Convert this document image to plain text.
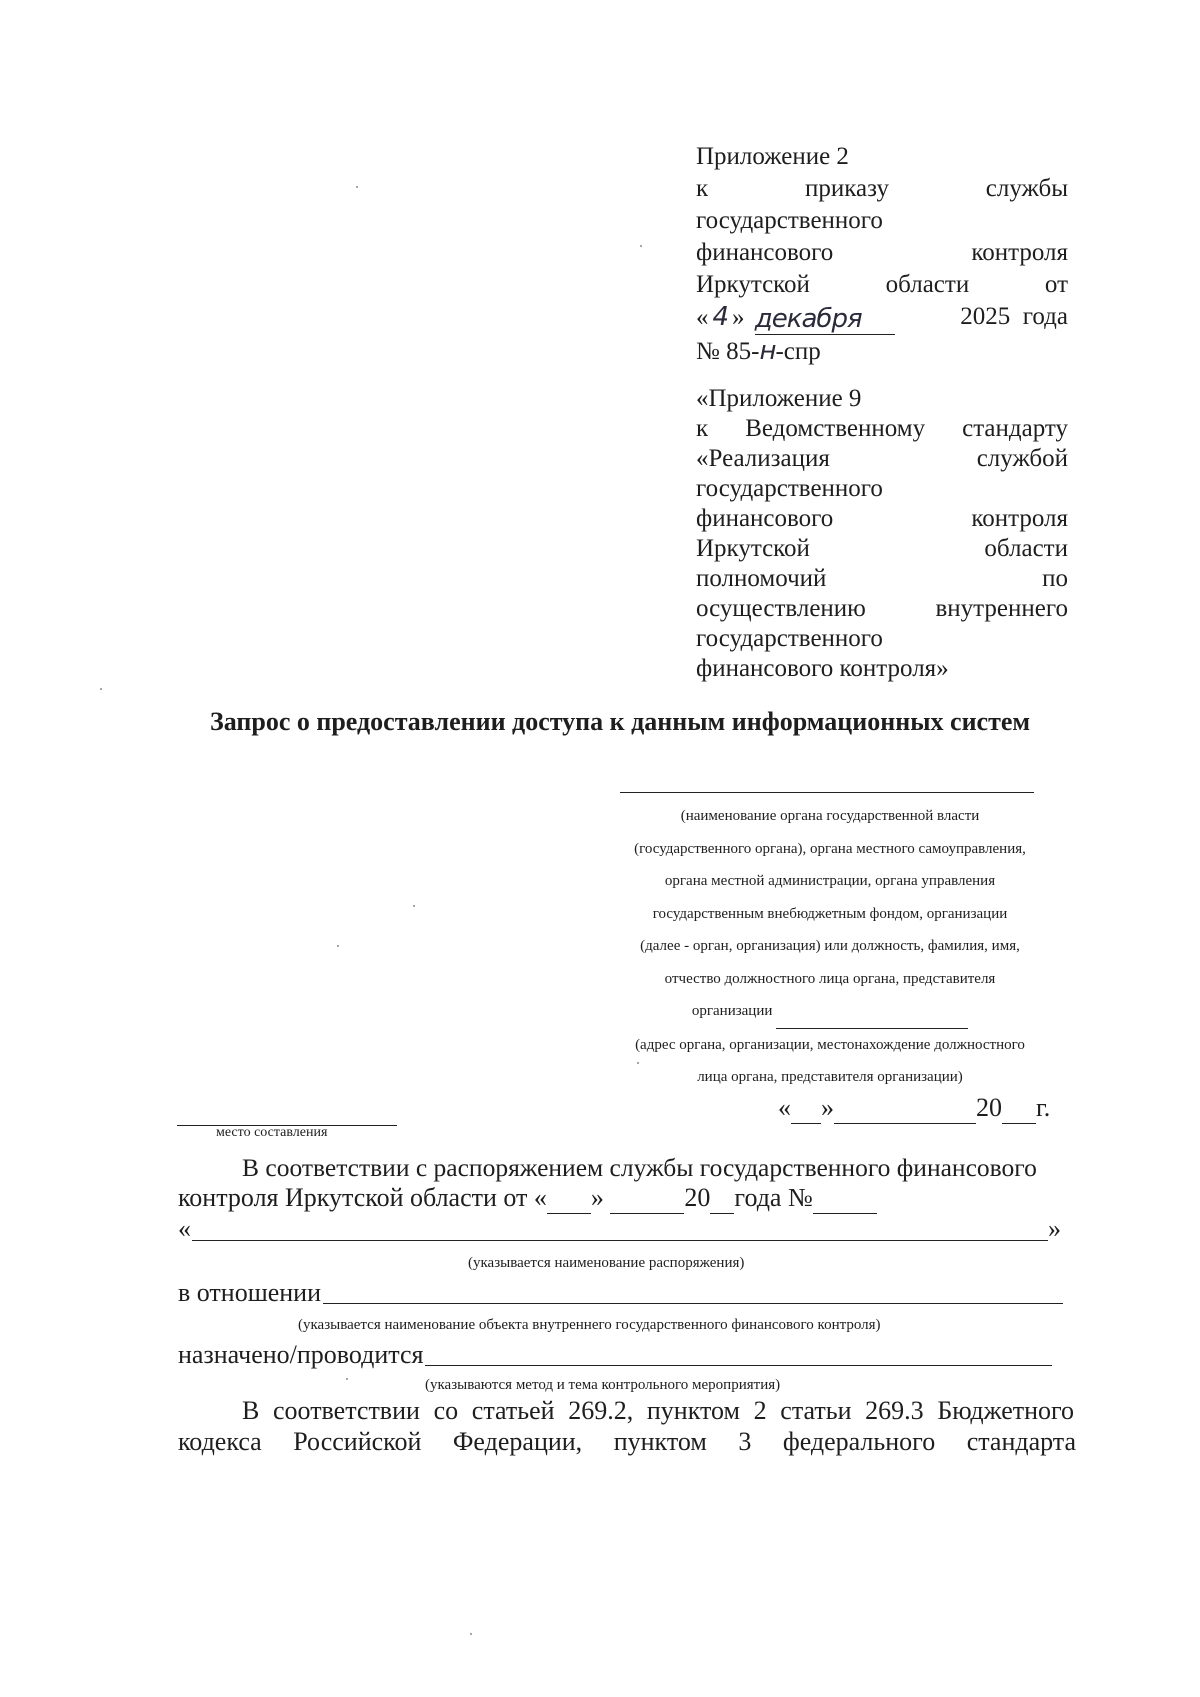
Приложение 2
к	приказу	службы
государственного
финансового	контроля
Иркутской области	от
« 4 » декабря
	2025 года
№ 85-н-спр
«Приложение 9
к Ведомственному стандарту
«Реализация	службой
государственного
финансового	контроля
Иркутской	области
полномочий	по
осуществлению	внутреннего
государственного
финансового контроля»
Запрос о предоставлении доступа к данным информационных систем
(наименование органа государственной власти
(государственного органа), органа местного самоуправления,
органа местной администрации, органа управления
государственным внебюджетным фондом, организации
(далее - орган, организация) или должность, фамилия, имя,
отчество должностного лица органа, представителя
организации
(адрес органа, организации, местонахождение должностного
лица органа, представителя организации)
место составления
« »	20 г.
В соответствии с распоряжением службы государственного финансового
контроля Иркутской области от « »	20 года №
«	»
(указывается наименование распоряжения)
в отношении
(указывается наименование объекта внутреннего государственного финансового контроля)
назначено/проводится
(указываются метод и тема контрольного мероприятия)
В соответствии со статьей 269.2, пунктом 2 статьи 269.3 Бюджетного
кодекса Российской Федерации, пунктом 3 федерального стандарта
